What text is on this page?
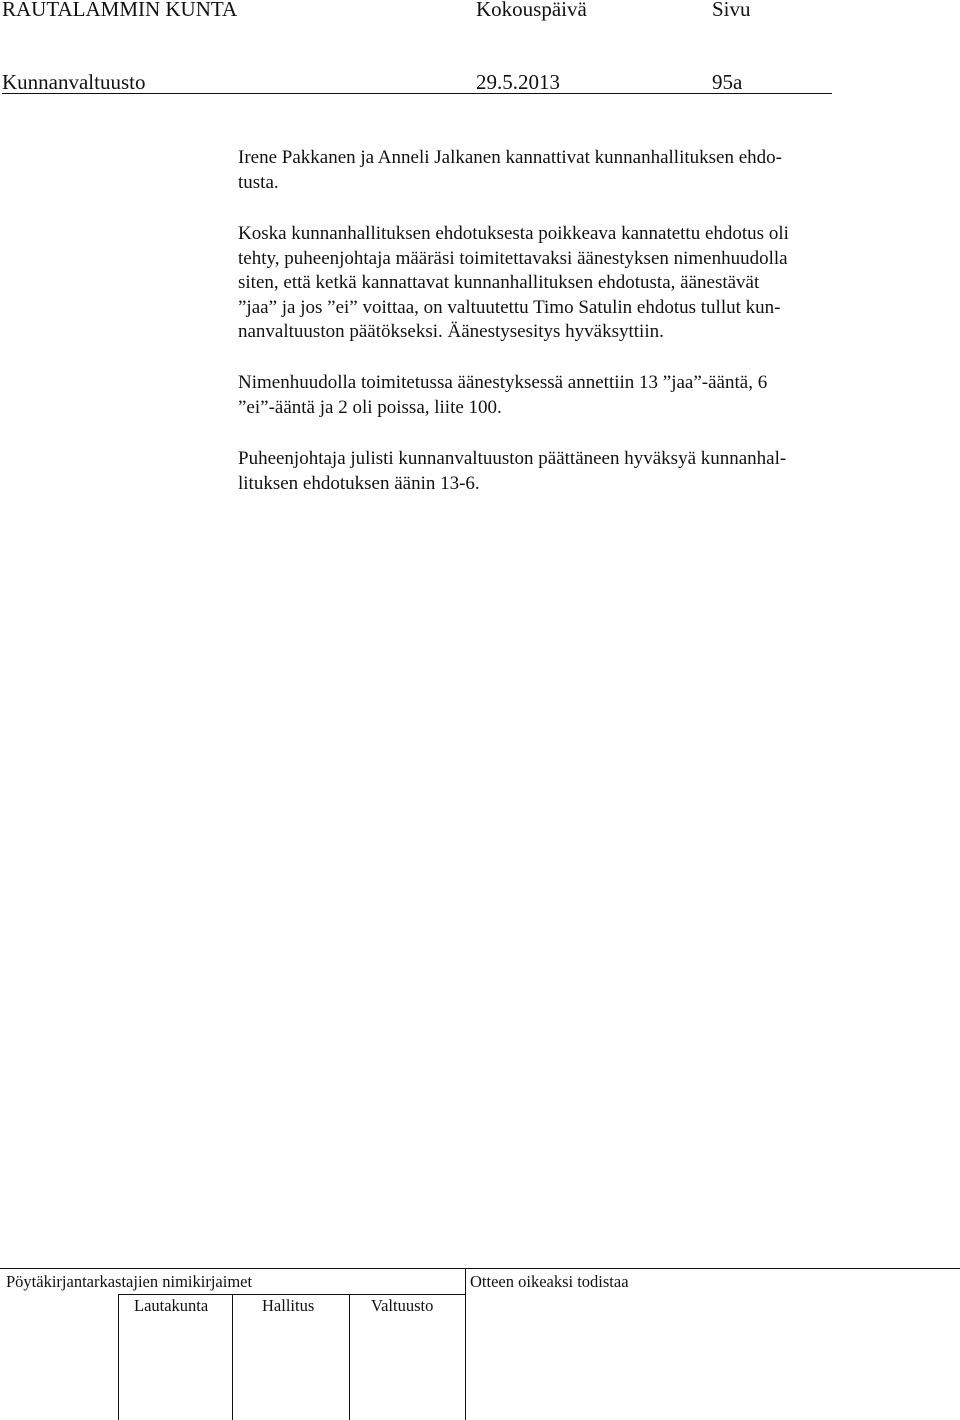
RAUTALAMMIN KUNTA	Kokouspäivä	Sivu
Kunnanvaltuusto	29.5.2013	95a
Irene Pakkanen ja Anneli Jalkanen kannattivat kunnanhallituksen ehdo-
tusta.
Koska kunnanhallituksen ehdotuksesta poikkeava kannatettu ehdotus oli
tehty, puheenjohtaja määräsi toimitettavaksi äänestyksen nimenhuudolla
siten, että ketkä kannattavat kunnanhallituksen ehdotusta, äänestävät
”jaa” ja jos ”ei” voittaa, on valtuutettu Timo Satulin ehdotus tullut kun-
nanvaltuuston päätökseksi. Äänestysesitys hyväksyttiin.
Nimenhuudolla toimitetussa äänestyksessä annettiin 13 ”jaa”-ääntä, 6
”ei”-ääntä ja 2 oli poissa, liite 100.
Puheenjohtaja julisti kunnanvaltuuston päättäneen hyväksyä kunnanhal-
lituksen ehdotuksen äänin 13-6.
Pöytäkirjantarkastajien nimikirjaimet	Otteen oikeaksi todistaa
Lautakunta	Hallitus	Valtuusto
